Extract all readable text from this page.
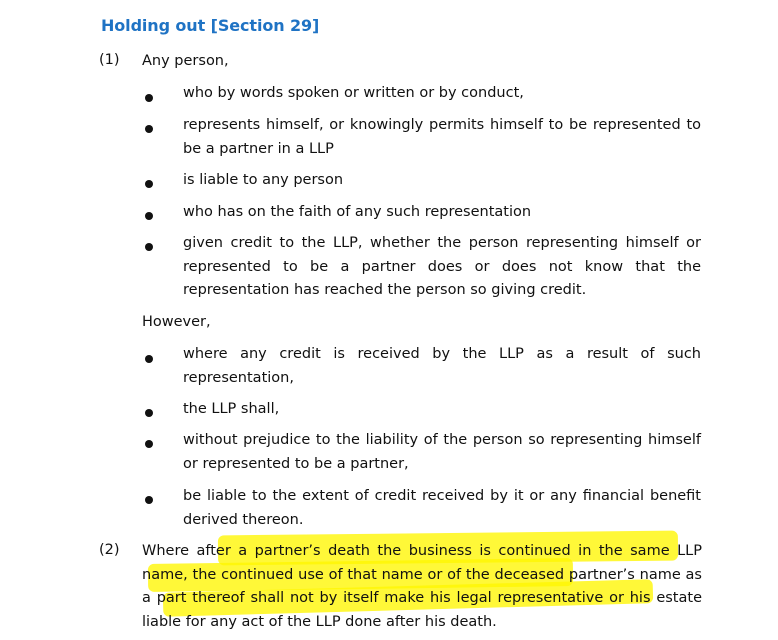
Holding out [Section 29]
(1) Any person,
who by words spoken or written or by conduct,
represents himself, or knowingly permits himself to be represented to be a partner in a LLP
is liable to any person
who has on the faith of any such representation
given credit to the LLP, whether the person representing himself or represented to be a partner does or does not know that the representation has reached the person so giving credit.
However,
where any credit is received by the LLP as a result of such representation,
the LLP shall,
without prejudice to the liability of the person so representing himself or represented to be a partner,
be liable to the extent of credit received by it or any financial benefit derived thereon.
(2) Where after a partner’s death the business is continued in the same LLP name, the continued use of that name or of the deceased partner’s name as a part thereof shall not by itself make his legal representative or his estate liable for any act of the LLP done after his death.
